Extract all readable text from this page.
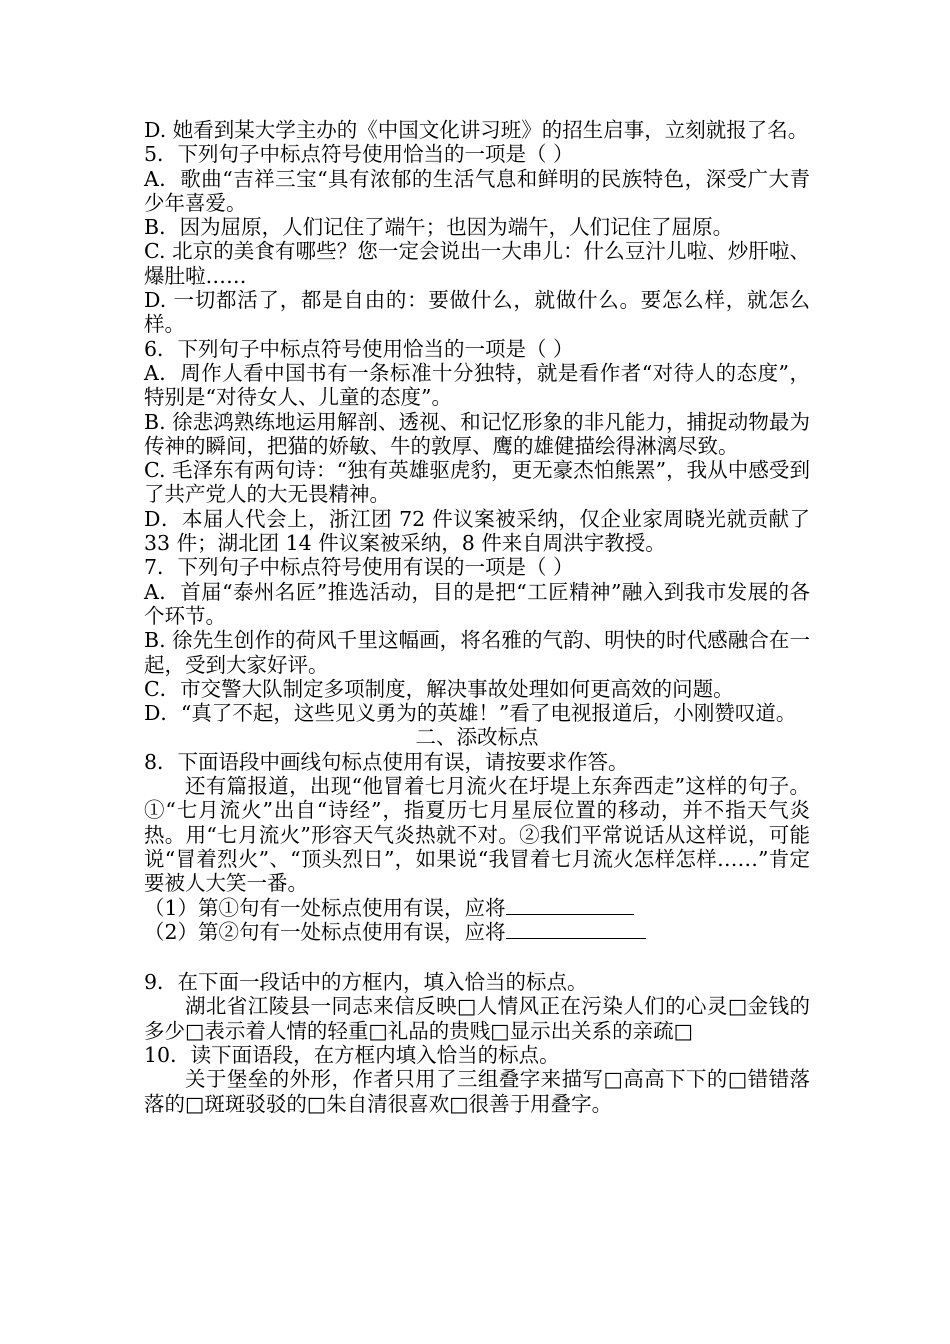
D. 她看到某大学主办的《中国文化讲习班》的招生启事，立刻就报了名。

5．下列句子中标点符号使用恰当的一项是（ ）

A．歌曲“吉祥三宝“具有浓郁的生活气息和鲜明的民族特色，深受广大青少年喜爱。

B．因为屈原，人们记住了端午；也因为端午，人们记住了屈原。

C. 北京的美食有哪些？您一定会说出一大串儿：什么豆汁儿啦、炒肝啦、爆肚啦……

D. 一切都活了，都是自由的：要做什么，就做什么。要怎么样，就怎么样。

6．下列句子中标点符号使用恰当的一项是（ ）

A．周作人看中国书有一条标准十分独特，就是看作者“对待人的态度”，特别是“对待女人、儿童的态度”。

B. 徐悲鸿熟练地运用解剖、透视、和记忆形象的非凡能力，捕捉动物最为传神的瞬间，把猫的娇敏、牛的敦厚、鹰的雄健描绘得淋漓尽致。

C. 毛泽东有两句诗：“独有英雄驱虎豹，更无豪杰怕熊罴”，我从中感受到了共产党人的大无畏精神。

D．本届人代会上，浙江团 72 件议案被采纳，仅企业家周晓光就贡献了 33 件；湖北团 14 件议案被采纳，8 件来自周洪宇教授。

7．下列句子中标点符号使用有误的一项是（ ）

A．首届“泰州名匠”推选活动，目的是把“工匠精神”融入到我市发展的各个环节。

B. 徐先生创作的荷风千里这幅画，将名雅的气韵、明快的时代感融合在一起，受到大家好评。

C．市交警大队制定多项制度，解决事故处理如何更高效的问题。

D．“真了不起，这些见义勇为的英雄！”看了电视报道后，小刚赞叹道。

二、添改标点

8．下面语段中画线句标点使用有误，请按要求作答。

还有篇报道，出现“他冒着七月流火在圩堤上东奔西走”这样的句子。①“七月流火”出自“诗经”，指夏历七月星辰位置的移动，并不指天气炎热。用“七月流火”形容天气炎热就不对。②我们平常说话从这样说，可能说“冒着烈火”、“顶头烈日”，如果说“我冒着七月流火怎样怎样……”肯定要被人大笑一番。

（1）第①句有一处标点使用有误，应将

（2）第②句有一处标点使用有误，应将

9．在下面一段话中的方框内，填入恰当的标点。

湖北省江陵县一同志来信反映□人情风正在污染人们的心灵□金钱的多少□表示着人情的轻重□礼品的贵贱□显示出关系的亲疏□

10．读下面语段，在方框内填入恰当的标点。

关于堡垒的外形，作者只用了三组叠字来描写□高高下下的□错错落落的□斑斑驳驳的□朱自清很喜欢□很善于用叠字。
